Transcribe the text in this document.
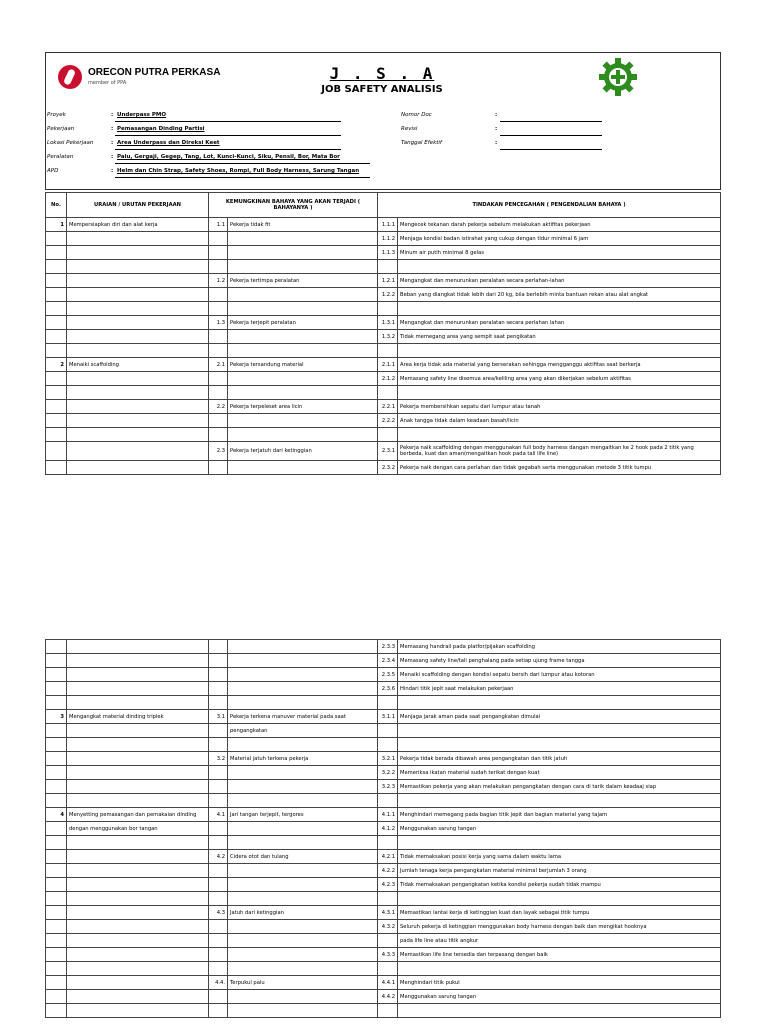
ORECON PUTRA PERKASA
member of PPA	J . S . A
JOB SAFETY ANALISIS
Proyek	: Underpass PMO
Pekerjaan	: Pemasangan Dinding Partisi
Lokasi Pekerjaan	: Area Underpass dan Direksi Keet
Peralatan	: Palu, Gergaji, Gegep, Tang, Lot, Kunci-Kunci, Siku, Pensil, Bor, Mata Bor
APD	: Helm dan Chin Strap, Safety Shoes, Rompi, Full Body Harness, Sarung Tangan
Nomor Doc	:
Revisi	:
Tanggal Efektif	:
No.	URAIAN / URUTAN PEKERJAAN	KEMUNGKINAN BAHAYA YANG AKAN TERJADI ( BAHAYANYA )		TINDAKAN PENCEGAHAN ( PENGENDALIAN BAHAYA )	
1	Mempersiapkan diri dan alat kerja	1.1	Pekerja tidak fit	1.1.1	Mengecek tekanan darah pekerja sebelum melakukan aktifitas pekerjaan
				1.1.2	Menjaga kondisi badan istirahat yang cukup dengan tidur minimal 6 jam
				1.1.3	Minum air putih minimal 8 gelas

		1.2	Pekerja tertimpa peralatan	1.2.1	Mengangkat dan menurunkan peralatan secara perlahan-lahan
				1.2.2	Beban yang diangkat tidak lebih dari 20 kg, bila berlebih minta bantuan rekan atau alat angkat

		1.3	Pekerja terjepit peralatan	1.3.1	Mengangkat dan menurunkan peralatan secara perlahan lahan
				1.3.2	Tidak memegang area yang sempit saat pengikatan

2	Menaiki scaffolding	2.1	Pekerja tersandung material	2.1.1	Area kerja tidak ada material yang berserakan sehingga mengganggu aktifitas saat berkerja
				2.1.2	Memasang safety line disemua area/keliling area yang akan dikerjakan sebelum aktifitas

		2.2	Pekerja terpeleset area licin	2.2.1	Pekerja membersihkan sepatu dari lumpur atau tanah
				2.2.2	Anak tangga tidak dalam keadaan basah/licin

		2.3	Pekerja terjatuh dari ketinggian	2.3.1	Pekerja naik scaffolding dengan menggunakan full body harness dangan mengaitkan ke 2 hook pada 2 titik yang berbeda, kuat dan aman(mengaitkan hook pada tali life line)
				2.3.2	Pekerja naik dengan cara perlahan dan tidak gegabah serta menggunakan metode 3 titik tumpu
				2.3.3	Memasang handrail pada platfor/pijakan scaffolding
				2.3.4	Memasang safety line/tali penghalang pada setiap ujung frame tangga
				2.3.5	Menaiki scaffolding dengan kondisi sepatu bersih dari lumpur atau kotoran
				2.3.6	Hindari titik jepit saat melakukan pekerjaan

3	Mengangkat material dinding triplek	3.1	Pekerja terkena manuver material pada saat	3.1.1	Menjaga jarak aman pada saat pengangkatan dimulai
			pengangkatan		

		3.2	Material jatuh terkena pekerja	3.2.1	Pekerja tidak berada dibawah area pengangkatan dan titik jatuh
				3.2.2	Memeriksa ikatan material sudah terikat dengan kuat
				3.2.3	Memastikan pekerja yang akan melakukan pengangkatan dengan cara di tarik dalam keadaaj siap

4	Menyetting pemasangan dan pemakaian dinding	4.1	Jari tangan terjepit, tergores	4.1.1	Menghindari memegang pada bagian titik jepit dan bagian material yang tajam
	dengan menggunakan bor tangan			4.1.2	Menggunakan sarung tangan

		4.2	Cidera otot dan tulang	4.2.1	Tidak memaksakan posisi kerja yang sama dalam waktu lama
				4.2.2	Jumlah tenaga kerja pengangkatan material minimal berjumlah 3 orang
				4.2.3	Tidak memaksakan pengangkatan ketika kondisi pekerja sudah tidak mampu

		4.3	Jatuh dari ketinggian	4.3.1	Memastikan lantai kerja di ketinggian kuat dan layak sebagai titik tumpu
				4.3.2	Seluruh pekerja di ketinggian menggunakan body harness dengan baik dan mengikat hooknya
					pada life line atau titik angkur
				4.3.3	Memastikan life line tersedia dan terpasang dengan baik

		4.4.	Terpukul palu	4.4.1	Menghindari titik pukul
				4.4.2	Menggunakan sarung tangan
